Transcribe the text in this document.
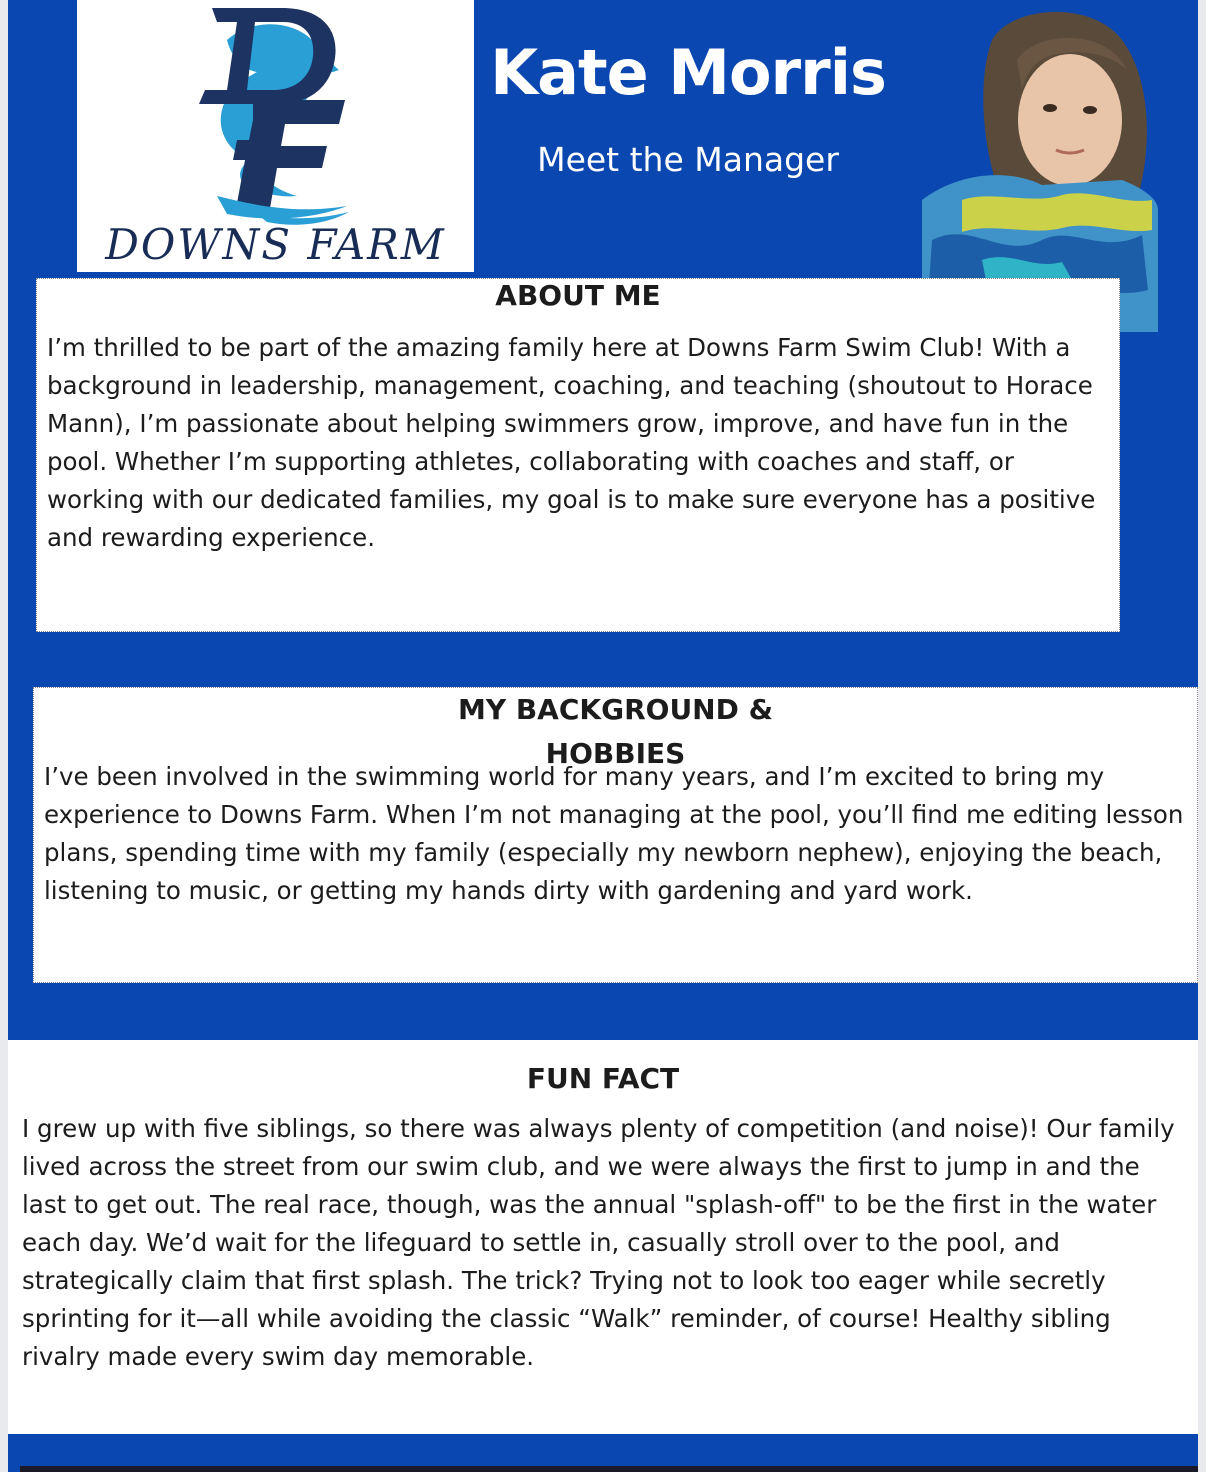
DOWNS FARM
Kate Morris
Meet the Manager
ABOUT ME

I’m thrilled to be part of the amazing family here at Downs Farm Swim Club! With a background in leadership, management, coaching, and teaching (shoutout to Horace Mann), I’m passionate about helping swimmers grow, improve, and have fun in the pool. Whether I’m supporting athletes, collaborating with coaches and staff, or working with our dedicated families, my goal is to make sure everyone has a positive and rewarding experience.

MY BACKGROUND &
HOBBIES

I’ve been involved in the swimming world for many years, and I’m excited to bring my experience to Downs Farm. When I’m not managing at the pool, you’ll find me editing lesson plans, spending time with my family (especially my newborn nephew), enjoying the beach, listening to music, or getting my hands dirty with gardening and yard work.

FUN FACT

I grew up with five siblings, so there was always plenty of competition (and noise)! Our family lived across the street from our swim club, and we were always the first to jump in and the last to get out. The real race, though, was the annual "splash-off" to be the first in the water each day. We’d wait for the lifeguard to settle in, casually stroll over to the pool, and strategically claim that first splash. The trick? Trying not to look too eager while secretly sprinting for it—all while avoiding the classic “Walk” reminder, of course! Healthy sibling rivalry made every swim day memorable.
